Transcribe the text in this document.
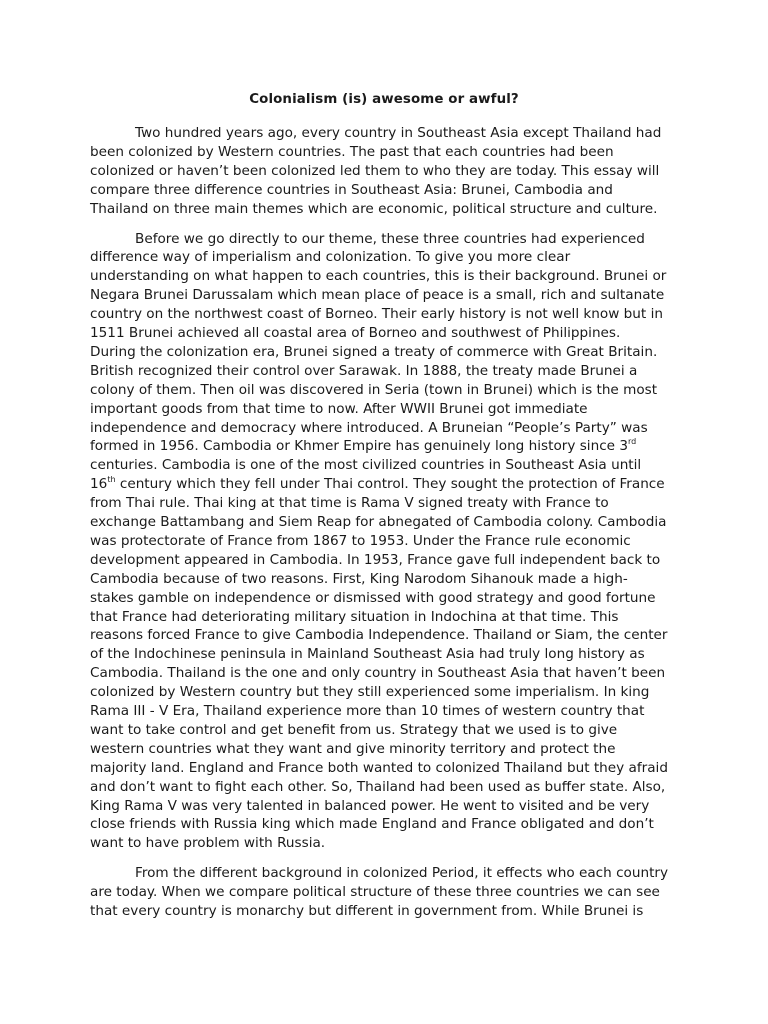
Colonialism (is) awesome or awful?
Two hundred years ago, every country in Southeast Asia except Thailand had
been colonized by Western countries. The past that each countries had been
colonized or haven’t been colonized led them to who they are today. This essay will
compare three difference countries in Southeast Asia: Brunei, Cambodia and
Thailand on three main themes which are economic, political structure and culture.
Before we go directly to our theme, these three countries had experienced
difference way of imperialism and colonization. To give you more clear
understanding on what happen to each countries, this is their background. Brunei or
Negara Brunei Darussalam which mean place of peace is a small, rich and sultanate
country on the northwest coast of Borneo. Their early history is not well know but in
1511 Brunei achieved all coastal area of Borneo and southwest of Philippines.
During the colonization era, Brunei signed a treaty of commerce with Great Britain.
British recognized their control over Sarawak. In 1888, the treaty made Brunei a
colony of them. Then oil was discovered in Seria (town in Brunei) which is the most
important goods from that time to now. After WWII Brunei got immediate
independence and democracy where introduced. A Bruneian “People’s Party” was
formed in 1956. Cambodia or Khmer Empire has genuinely long history since 3rd
centuries. Cambodia is one of the most civilized countries in Southeast Asia until
16th century which they fell under Thai control. They sought the protection of France
from Thai rule. Thai king at that time is Rama V signed treaty with France to
exchange Battambang and Siem Reap for abnegated of Cambodia colony. Cambodia
was protectorate of France from 1867 to 1953. Under the France rule economic
development appeared in Cambodia. In 1953, France gave full independent back to
Cambodia because of two reasons. First, King Narodom Sihanouk made a high-
stakes gamble on independence or dismissed with good strategy and good fortune
that France had deteriorating military situation in Indochina at that time. This
reasons forced France to give Cambodia Independence. Thailand or Siam, the center
of the Indochinese peninsula in Mainland Southeast Asia had truly long history as
Cambodia. Thailand is the one and only country in Southeast Asia that haven’t been
colonized by Western country but they still experienced some imperialism. In king
Rama III - V Era, Thailand experience more than 10 times of western country that
want to take control and get benefit from us. Strategy that we used is to give
western countries what they want and give minority territory and protect the
majority land. England and France both wanted to colonized Thailand but they afraid
and don’t want to fight each other. So, Thailand had been used as buffer state. Also,
King Rama V was very talented in balanced power. He went to visited and be very
close friends with Russia king which made England and France obligated and don’t
want to have problem with Russia.
From the different background in colonized Period, it effects who each country
are today. When we compare political structure of these three countries we can see
that every country is monarchy but different in government from. While Brunei is
